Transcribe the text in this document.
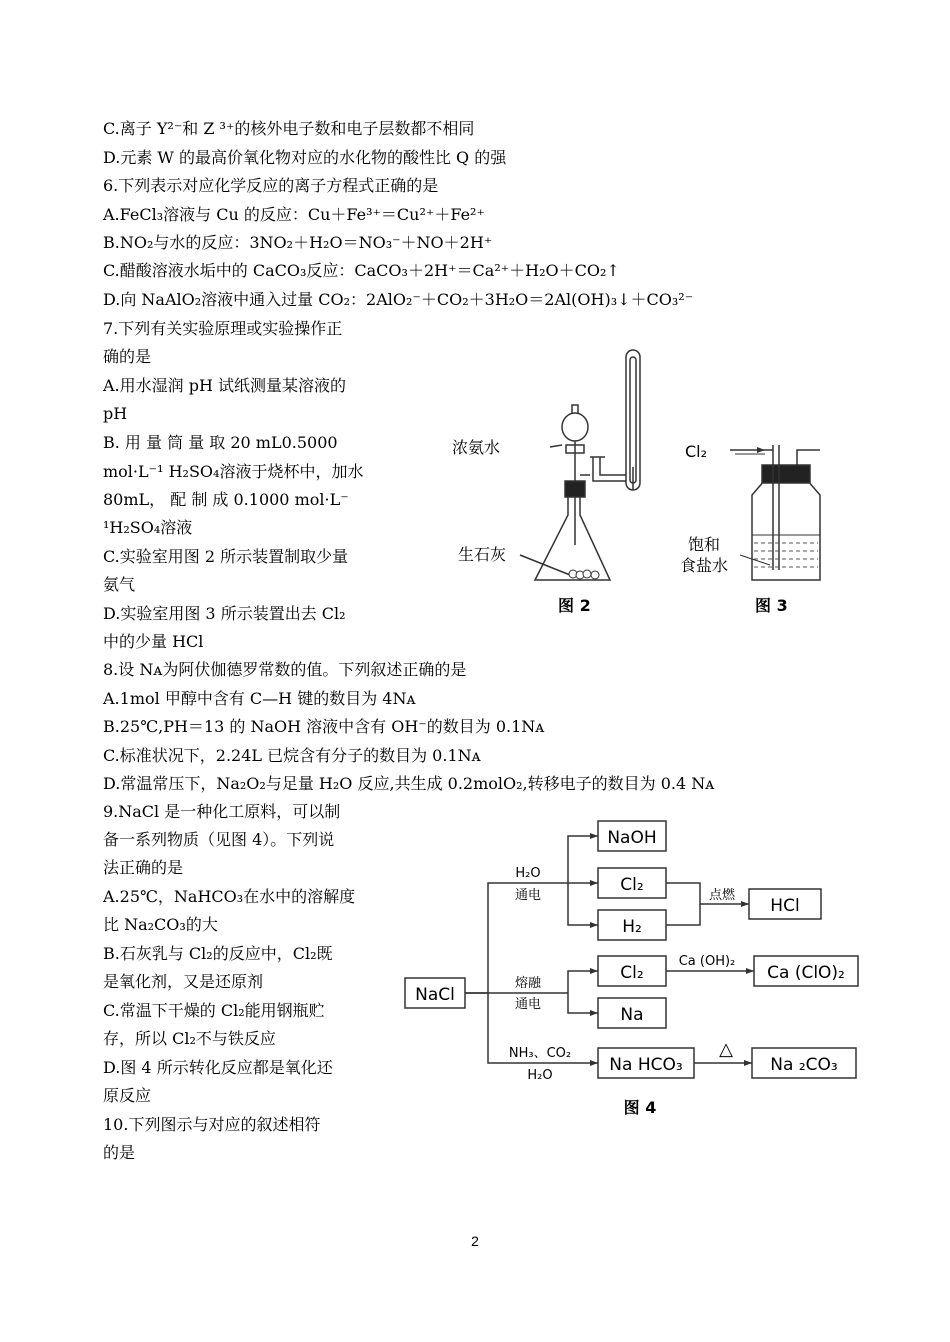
C.离子 Y²⁻和 Z ³⁺的核外电子数和电子层数都不相同
D.元素 W 的最高价氧化物对应的水化物的酸性比 Q 的强
6.下列表示对应化学反应的离子方程式正确的是
A.FeCl₃溶液与 Cu 的反应：Cu＋Fe³⁺＝Cu²⁺＋Fe²⁺
B.NO₂与水的反应：3NO₂＋H₂O＝NO₃⁻＋NO＋2H⁺
C.醋酸溶液水垢中的 CaCO₃反应：CaCO₃＋2H⁺＝Ca²⁺＋H₂O＋CO₂↑
D.向 NaAlO₂溶液中通入过量 CO₂：2AlO₂⁻＋CO₂＋3H₂O＝2Al(OH)₃↓＋CO₃²⁻
7.下列有关实验原理或实验操作正
确的是
A.用水湿润 pH 试纸测量某溶液的
pH
B. 用 量 筒 量 取 20 mL0.5000
mol·L⁻¹ H₂SO₄溶液于烧杯中，加水
80mL， 配 制 成 0.1000 mol·L⁻
¹H₂SO₄溶液
C.实验室用图 2 所示装置制取少量
氨气
D.实验室用图 3 所示装置出去 Cl₂
中的少量 HCl
8.设 Nᴀ为阿伏伽德罗常数的值。下列叙述正确的是
A.1mol 甲醇中含有 C—H 键的数目为 4Nᴀ
B.25℃,PH＝13 的 NaOH 溶液中含有 OH⁻的数目为 0.1Nᴀ
C.标准状况下，2.24L 已烷含有分子的数目为 0.1Nᴀ
D.常温常压下，Na₂O₂与足量 H₂O 反应,共生成 0.2molO₂,转移电子的数目为 0.4 Nᴀ
9.NaCl 是一种化工原料，可以制
备一系列物质（见图 4）。下列说
法正确的是
A.25℃，NaHCO₃在水中的溶解度
比 Na₂CO₃的大
B.石灰乳与 Cl₂的反应中，Cl₂既
是氧化剂，又是还原剂
C.常温下干燥的 Cl₂能用钢瓶贮
存，所以 Cl₂不与铁反应
D.图 4 所示转化反应都是氧化还
原反应
10.下列图示与对应的叙述相符
的是
浓氨水
生石灰
Cl₂
饱和
食盐水
图 2	图 3
NaCl
NaOH
Cl₂
H₂
HCl
Cl₂	Ca (ClO)₂
Na
Na HCO₃	Na ₂CO₃
H₂O
通电	点燃
Ca (OH)₂
熔融
通电
NH₃、CO₂
H₂O
△
图 4
2
